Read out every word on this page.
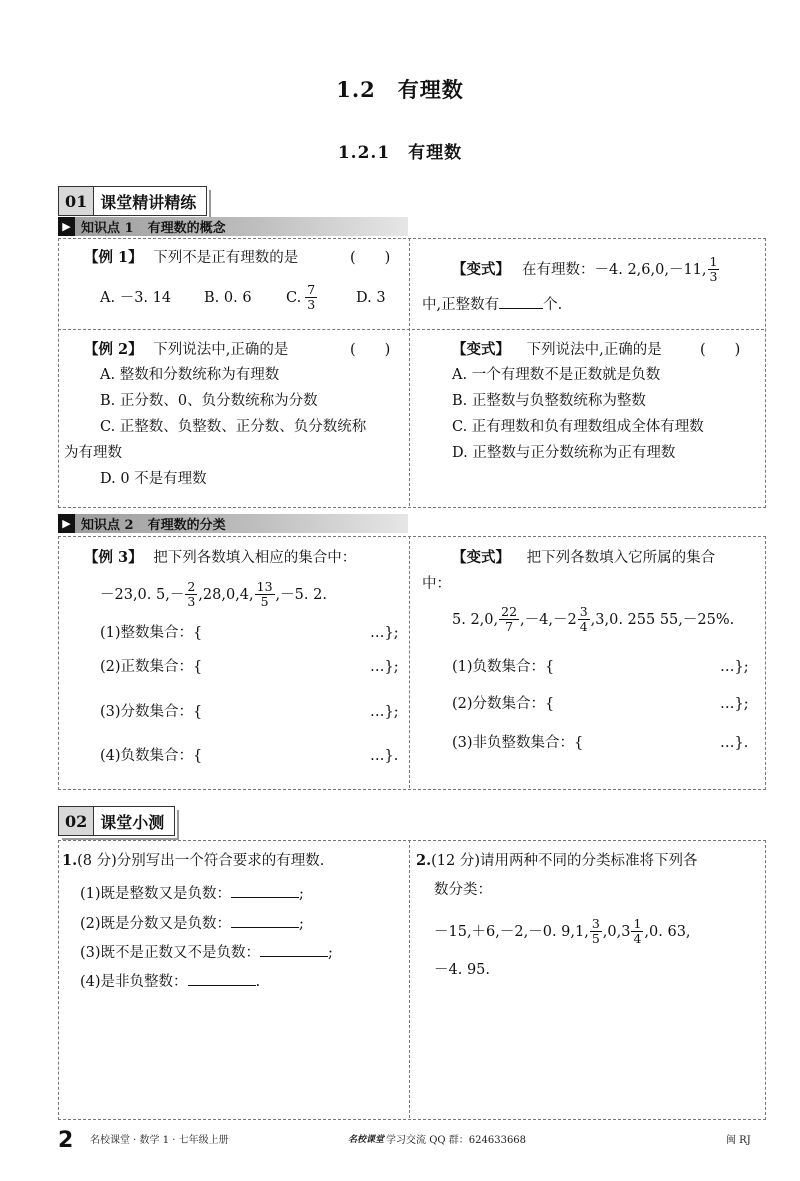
1.2 有理数
1.2.1 有理数
01 课堂精讲精练
▶ 知识点 1 有理数的概念
【例 1】 下列不是正有理数的是	(　　)
A. －3. 14	B. 0. 6	C. $\frac{7}{3}$	D. 3
【变式】 在有理数：－4. 2,6,0,－11, $\frac{1}{3}$
中,正整数有	个.
【例 2】 下列说法中,正确的是	(　　)
A. 整数和分数统称为有理数
B. 正分数、0、负分数统称为分数
C. 正整数、负整数、正分数、负分数统称
为有理数
D. 0 不是有理数
【变式】 下列说法中,正确的是	(　　)
A. 一个有理数不是正数就是负数
B. 正整数与负整数统称为整数
C. 正有理数和负有理数组成全体有理数
D. 正整数与正分数统称为正有理数
▶ 知识点 2 有理数的分类
【例 3】 把下列各数填入相应的集合中：
－23,0. $5,- \frac{2}{3} ,28,0,4$, $\frac{13}{5} ,-5$. 2.
(1)整数集合：{	…};
(2)正数集合：{	…};
(3)分数集合：{	…};
(4)负数集合：{	…}.
【变式】 把下列各数填入它所属的集合
中：
5. 2,0, $\frac{22}{7} ,-4,-2 \frac{3}{4} ,3,0$. 255 55,－25%.
(1)负数集合：{	…};
(2)分数集合：{	…};
(3)非负整数集合：{	…}.
02 课堂小测
1.(8 分)分别写出一个符合要求的有理数.
(1)既是整数又是负数：	;
(2)既是分数又是负数：	;
(3)既不是正数又不是负数：	;
(4)是非负整数：	.
2.(12 分)请用两种不同的分类标准将下列各
数分类：
－15,＋6,－2,－0. 9,1, $\frac{3}{5} ,0,3 \frac{1}{4} ,0$. 63,
－4. 95.
2 名校课堂 · 数学 1 · 七年级上册	名校课堂 学习交流 QQ 群：624633668	闽 RJ
